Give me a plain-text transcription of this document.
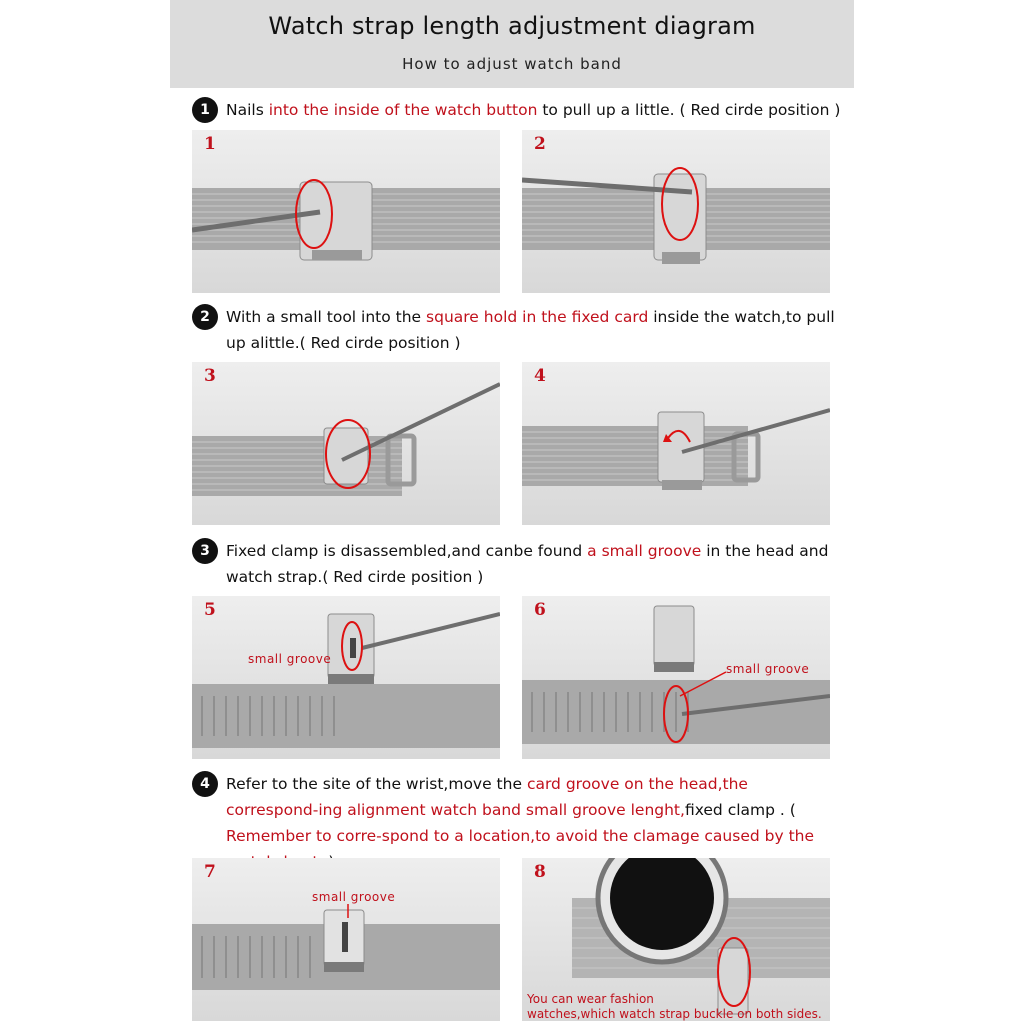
Watch strap length adjustment diagram
How to adjust watch band
1	Nails into the inside of the watch button to pull up a little. ( Red cirde position )
1	2
2	With a small tool into the square hold in the fixed card inside the watch,to pull up alittle.( Red cirde position )
3	4
3	Fixed clamp is disassembled,and canbe found a small groove in the head and watch strap.( Red cirde position )
5
small groove
6
small groove
4	Refer to the site of the wrist,move the card groove on the head,the correspond-ing alignment watch band small groove lenght,fixed clamp . ( Remember to corre-spond to a location,to avoid the clamage caused by the
7
small groove
8
You can wear fashion
watches,which watch strap buckle on both sides.
